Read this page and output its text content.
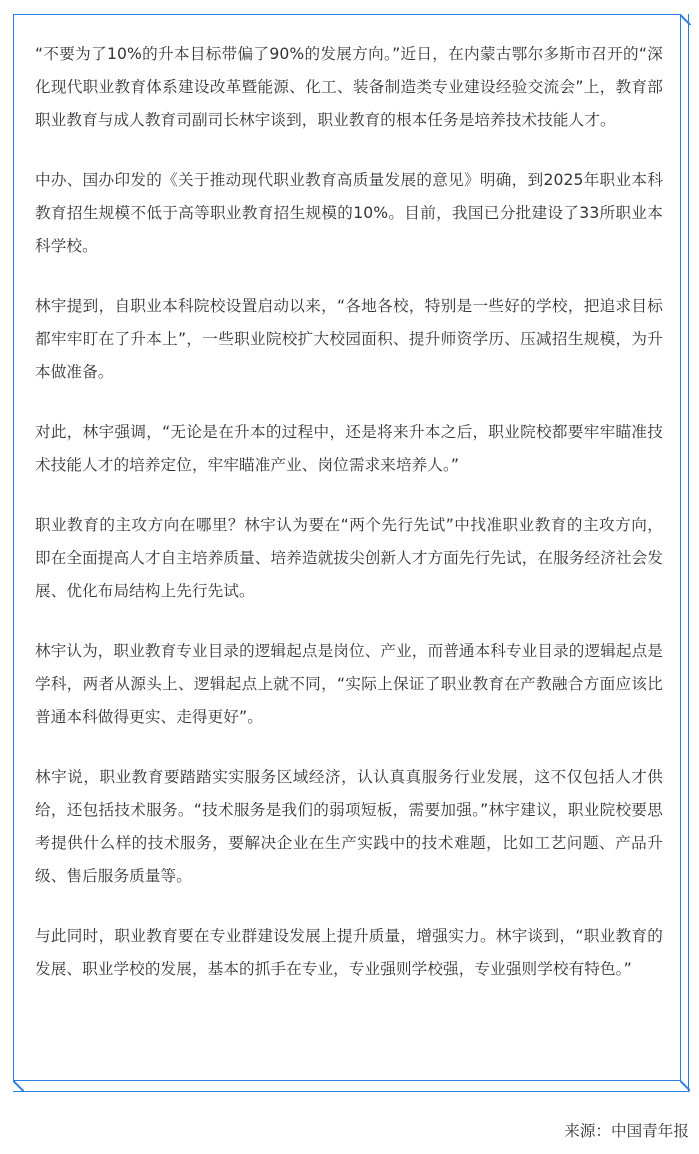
“不要为了10%的升本目标带偏了90%的发展方向。”近日，在内蒙古鄂尔多斯市召开的“深化现代职业教育体系建设改革暨能源、化工、装备制造类专业建设经验交流会”上，教育部职业教育与成人教育司副司长林宇谈到，职业教育的根本任务是培养技术技能人才。

中办、国办印发的《关于推动现代职业教育高质量发展的意见》明确，到2025年职业本科教育招生规模不低于高等职业教育招生规模的10%。目前，我国已分批建设了33所职业本科学校。

林宇提到，自职业本科院校设置启动以来，“各地各校，特别是一些好的学校，把追求目标都牢牢盯在了升本上”，一些职业院校扩大校园面积、提升师资学历、压减招生规模，为升本做准备。

对此，林宇强调，“无论是在升本的过程中，还是将来升本之后，职业院校都要牢牢瞄准技术技能人才的培养定位，牢牢瞄准产业、岗位需求来培养人。”

职业教育的主攻方向在哪里？林宇认为要在“两个先行先试”中找准职业教育的主攻方向，即在全面提高人才自主培养质量、培养造就拔尖创新人才方面先行先试，在服务经济社会发展、优化布局结构上先行先试。

林宇认为，职业教育专业目录的逻辑起点是岗位、产业，而普通本科专业目录的逻辑起点是学科，两者从源头上、逻辑起点上就不同，“实际上保证了职业教育在产教融合方面应该比普通本科做得更实、走得更好”。

林宇说，职业教育要踏踏实实服务区域经济，认认真真服务行业发展，这不仅包括人才供给，还包括技术服务。“技术服务是我们的弱项短板，需要加强。”林宇建议，职业院校要思考提供什么样的技术服务，要解决企业在生产实践中的技术难题，比如工艺问题、产品升级、售后服务质量等。

与此同时，职业教育要在专业群建设发展上提升质量，增强实力。林宇谈到，“职业教育的发展、职业学校的发展，基本的抓手在专业，专业强则学校强，专业强则学校有特色。”

来源：中国青年报
